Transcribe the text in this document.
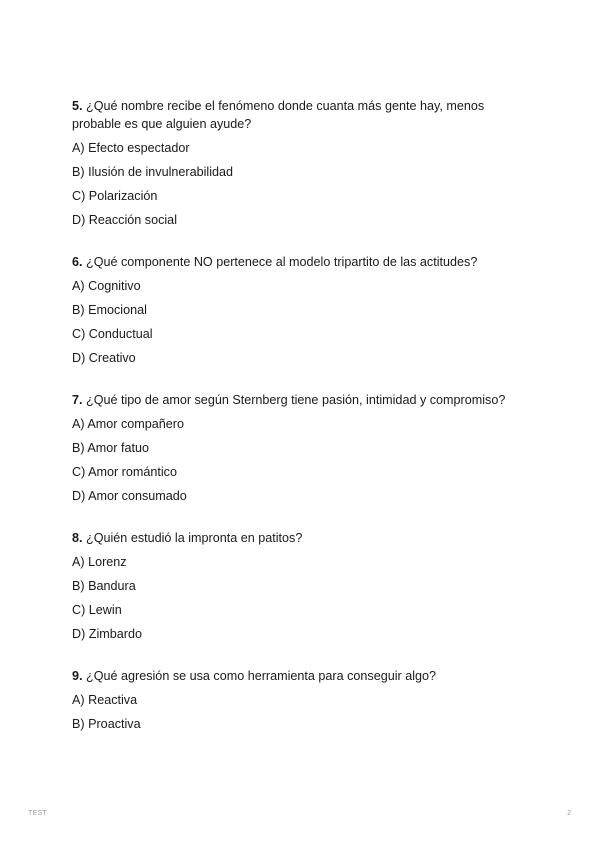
5. ¿Qué nombre recibe el fenómeno donde cuanta más gente hay, menos probable es que alguien ayude?

A) Efecto espectador
B) Ilusión de invulnerabilidad
C) Polarización
D) Reacción social

6. ¿Qué componente NO pertenece al modelo tripartito de las actitudes?

A) Cognitivo
B) Emocional
C) Conductual
D) Creativo

7. ¿Qué tipo de amor según Sternberg tiene pasión, intimidad y compromiso?

A) Amor compañero
B) Amor fatuo
C) Amor romántico
D) Amor consumado

8. ¿Quién estudió la impronta en patitos?

A) Lorenz
B) Bandura
C) Lewin
D) Zimbardo

9. ¿Qué agresión se usa como herramienta para conseguir algo?

A) Reactiva
B) Proactiva
TEST	2
